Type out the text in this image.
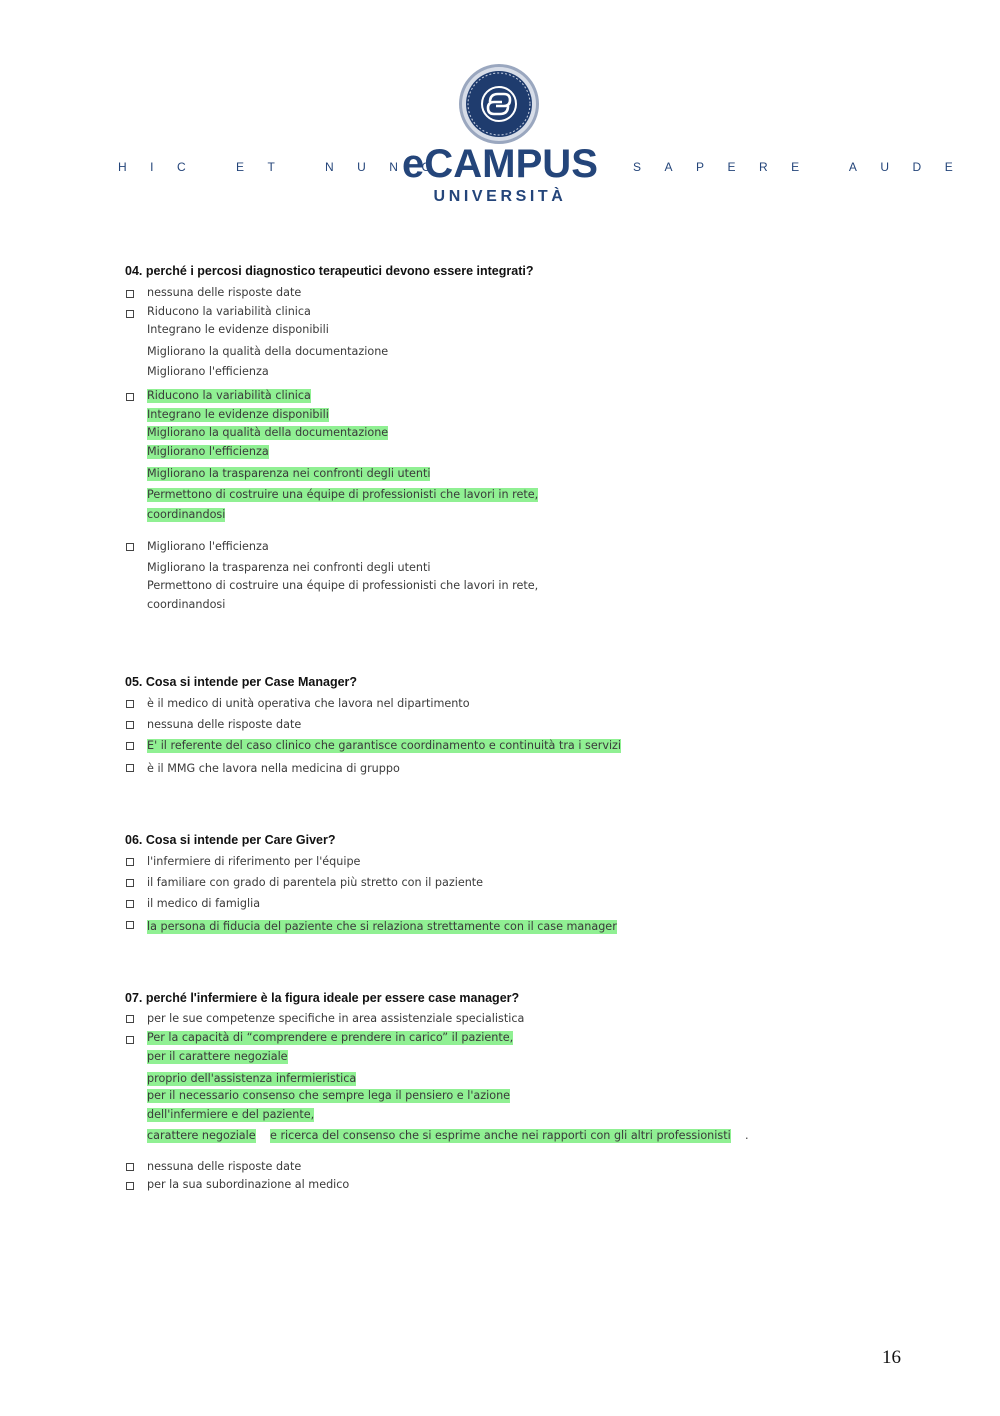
HIC ET NUNC	SAPERE AUDE
eCAMPUS
UNIVERSITÀ
04. perché i percosi diagnostico terapeutici devono essere integrati?
nessuna delle risposte date
Riducono la variabilità clinica
Integrano le evidenze disponibili
Migliorano la qualità della documentazione
Migliorano l'efficienza
Riducono la variabilità clinica
Integrano le evidenze disponibili
Migliorano la qualità della documentazione
Migliorano l'efficienza
Migliorano la trasparenza nei confronti degli utenti
Permettono di costruire una équipe di professionisti che lavori in rete,
coordinandosi
Migliorano l'efficienza
Migliorano la trasparenza nei confronti degli utenti
Permettono di costruire una équipe di professionisti che lavori in rete,
coordinandosi
05. Cosa si intende per Case Manager?
è il medico di unità operativa che lavora nel dipartimento
nessuna delle risposte date
E' il referente del caso clinico che garantisce coordinamento e continuità tra i servizi
è il MMG che lavora nella medicina di gruppo
06. Cosa si intende per Care Giver?
l'infermiere di riferimento per l'équipe
il familiare con grado di parentela più stretto con il paziente
il medico di famiglia
la persona di fiducia del paziente che si relaziona strettamente con il case manager
07. perché l'infermiere è la figura ideale per essere case manager?
per le sue competenze specifiche in area assistenziale specialistica
Per la capacità di “comprendere e prendere in carico” il paziente,
per il carattere negoziale
proprio dell'assistenza infermieristica
per il necessario consenso che sempre lega il pensiero e l'azione
dell'infermiere e del paziente,
carattere negoziale e ricerca del consenso che si esprime anche nei rapporti con gli altri professionisti .
nessuna delle risposte date
per la sua subordinazione al medico
16
